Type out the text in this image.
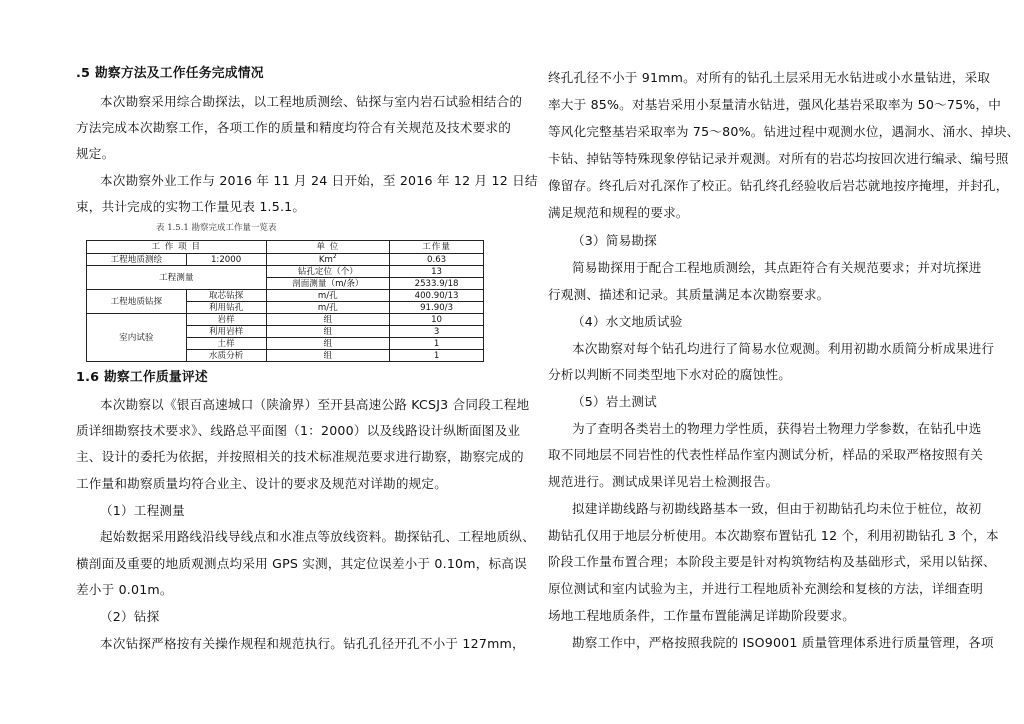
.5 勘察方法及工作任务完成情况
本次勘察采用综合勘探法，以工程地质测绘、钻探与室内岩石试验相结合的
方法完成本次勘察工作，各项工作的质量和精度均符合有关规范及技术要求的
规定。
本次勘察外业工作与 2016 年 11 月 24 日开始，至 2016 年 12 月 12 日结
束，共计完成的实物工作量见表 1.5.1。
表 1.5.1 勘察完成工作量一览表
工 作 项 目		单 位	工作量
工程地质测绘	1:2000	Km$^2$	0.63
工程测量		钻孔定位（个）	13
		剖面测量（m/条）	2533.9/18
工程地质钻探	取芯钻探	m/孔	400.90/13
	利用钻孔	m/孔	91.90/3
室内试验	岩样	组	10
	利用岩样	组	3
	土样	组	1
	水质分析	组	1
1.6 勘察工作质量评述
本次勘察以《银百高速城口（陕渝界）至开县高速公路 KCSJ3 合同段工程地
质详细勘察技术要求》、线路总平面图（1：2000）以及线路设计纵断面图及业
主、设计的委托为依据，并按照相关的技术标准规范要求进行勘察，勘察完成的
工作量和勘察质量均符合业主、设计的要求及规范对详勘的规定。
（1）工程测量
起始数据采用路线沿线导线点和水准点等放线资料。勘探钻孔、工程地质纵、
横剖面及重要的地质观测点均采用 GPS 实测，其定位误差小于 0.10m，标高误
差小于 0.01m。
（2）钻探
本次钻探严格按有关操作规程和规范执行。钻孔孔径开孔不小于 127mm，
终孔孔径不小于 91mm。对所有的钻孔土层采用无水钻进或小水量钻进，采取
率大于 85%。对基岩采用小泵量清水钻进，强风化基岩采取率为 50～75%，中
等风化完整基岩采取率为 75～80%。钻进过程中观测水位，遇洞水、涌水、掉块、
卡钻、掉钻等特殊现象停钻记录并观测。对所有的岩芯均按回次进行编录、编号照
像留存。终孔后对孔深作了校正。钻孔终孔经验收后岩芯就地按序掩埋，并封孔，
满足规范和规程的要求。
（3）简易勘探
简易勘探用于配合工程地质测绘，其点距符合有关规范要求；并对坑探进
行观测、描述和记录。其质量满足本次勘察要求。
（4）水文地质试验
本次勘察对每个钻孔均进行了简易水位观测。利用初勘水质简分析成果进行
分析以判断不同类型地下水对砼的腐蚀性。
（5）岩土测试
为了查明各类岩土的物理力学性质，获得岩土物理力学参数，在钻孔中选
取不同地层不同岩性的代表性样品作室内测试分析，样品的采取严格按照有关
规范进行。测试成果详见岩土检测报告。
拟建详勘线路与初勘线路基本一致，但由于初勘钻孔均未位于桩位，故初
勘钻孔仅用于地层分析使用。本次勘察布置钻孔 12 个，利用初勘钻孔 3 个，本
阶段工作量布置合理；本阶段主要是针对构筑物结构及基础形式，采用以钻探、
原位测试和室内试验为主，并进行工程地质补充测绘和复核的方法，详细查明
场地工程地质条件，工作量布置能满足详勘阶段要求。
勘察工作中，严格按照我院的 ISO9001 质量管理体系进行质量管理，各项
